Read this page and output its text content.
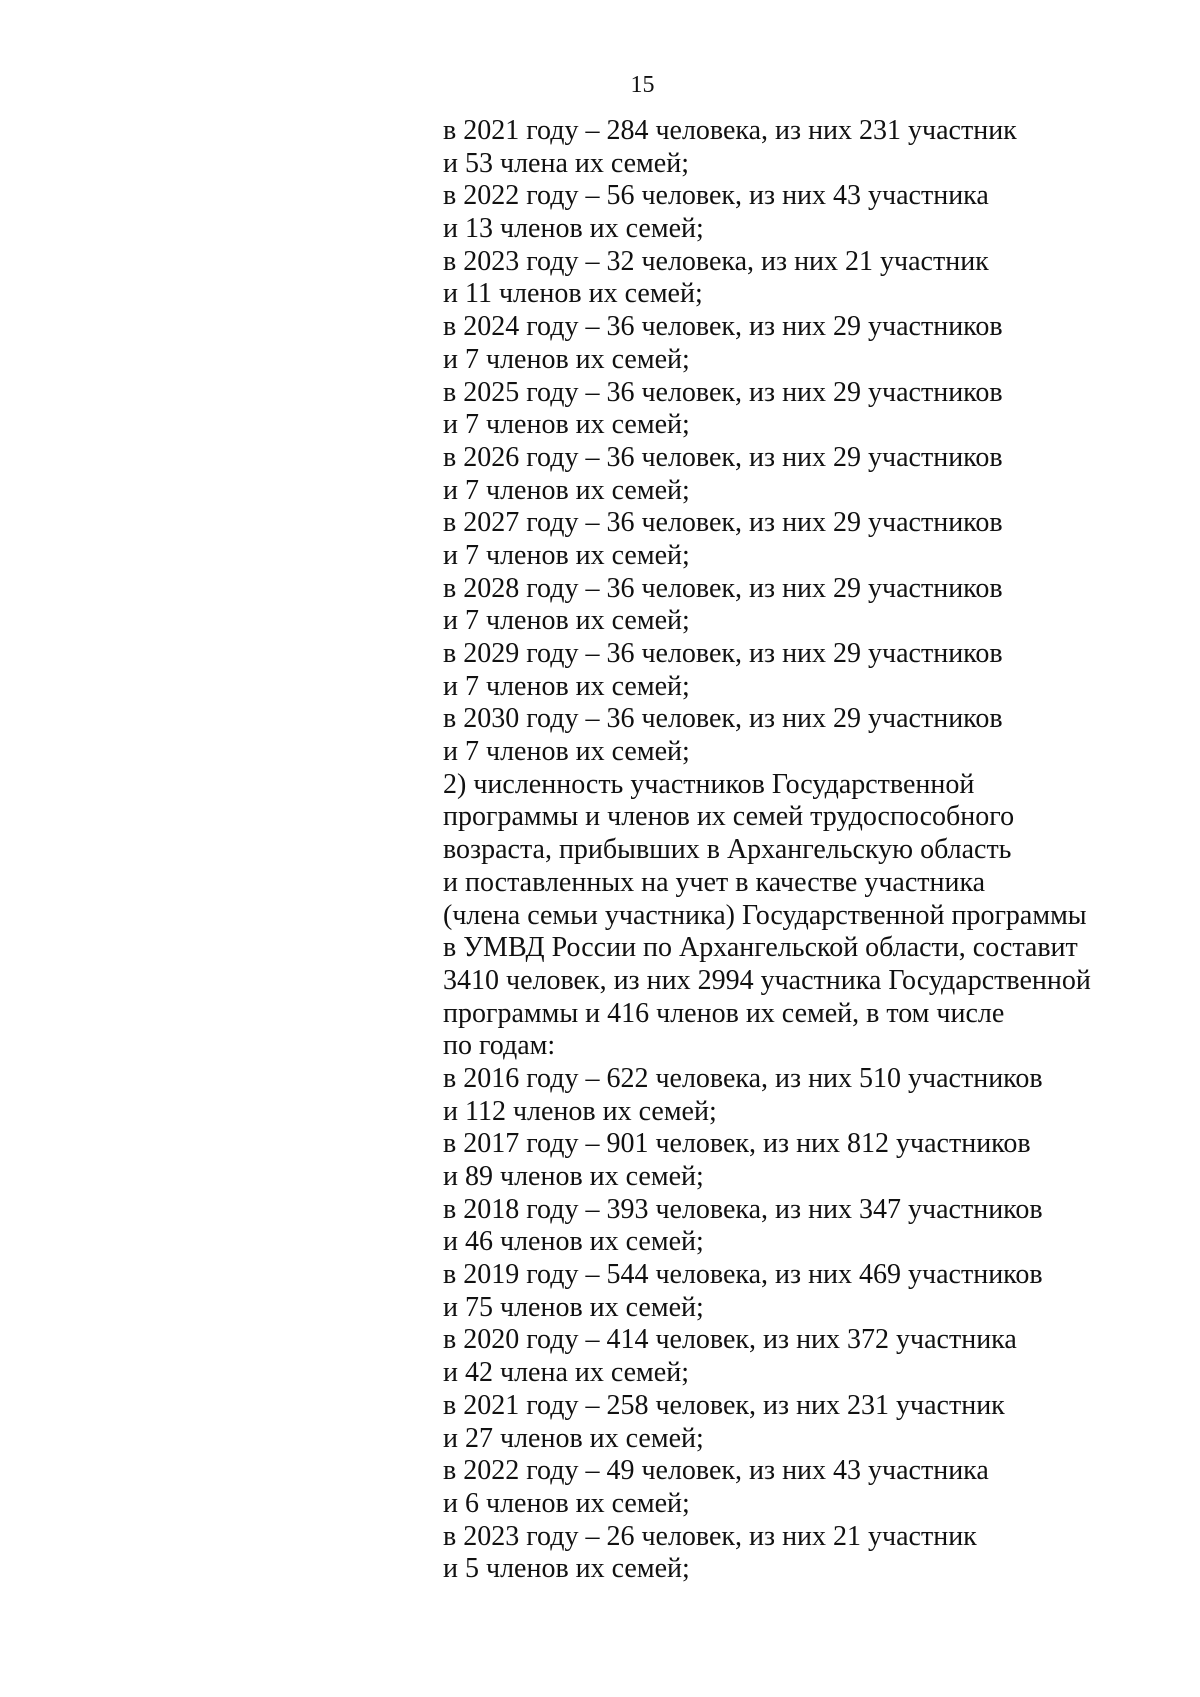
15
в 2021 году – 284 человека, из них 231 участник
и 53 члена их семей;
в 2022 году – 56 человек, из них 43 участника
и 13 членов их семей;
в 2023 году – 32 человека, из них 21 участник
и 11 членов их семей;
в 2024 году – 36 человек, из них 29 участников
и 7 членов их семей;
в 2025 году – 36 человек, из них 29 участников
и 7 членов их семей;
в 2026 году – 36 человек, из них 29 участников
и 7 членов их семей;
в 2027 году – 36 человек, из них 29 участников
и 7 членов их семей;
в 2028 году – 36 человек, из них 29 участников
и 7 членов их семей;
в 2029 году – 36 человек, из них 29 участников
и 7 членов их семей;
в 2030 году – 36 человек, из них 29 участников
и 7 членов их семей;
2) численность участников Государственной
программы и членов их семей трудоспособного
возраста, прибывших в Архангельскую область
и поставленных на учет в качестве участника
(члена семьи участника) Государственной программы
в УМВД России по Архангельской области, составит
3410 человек, из них 2994 участника Государственной
программы и 416 членов их семей, в том числе
по годам:
в 2016 году – 622 человека, из них 510 участников
и 112 членов их семей;
в 2017 году – 901 человек, из них 812 участников
и 89 членов их семей;
в 2018 году – 393 человека, из них 347 участников
и 46 членов их семей;
в 2019 году – 544 человека, из них 469 участников
и 75 членов их семей;
в 2020 году – 414 человек, из них 372 участника
и 42 члена их семей;
в 2021 году – 258 человек, из них 231 участник
и 27 членов их семей;
в 2022 году – 49 человек, из них 43 участника
и 6 членов их семей;
в 2023 году – 26 человек, из них 21 участник
и 5 членов их семей;
